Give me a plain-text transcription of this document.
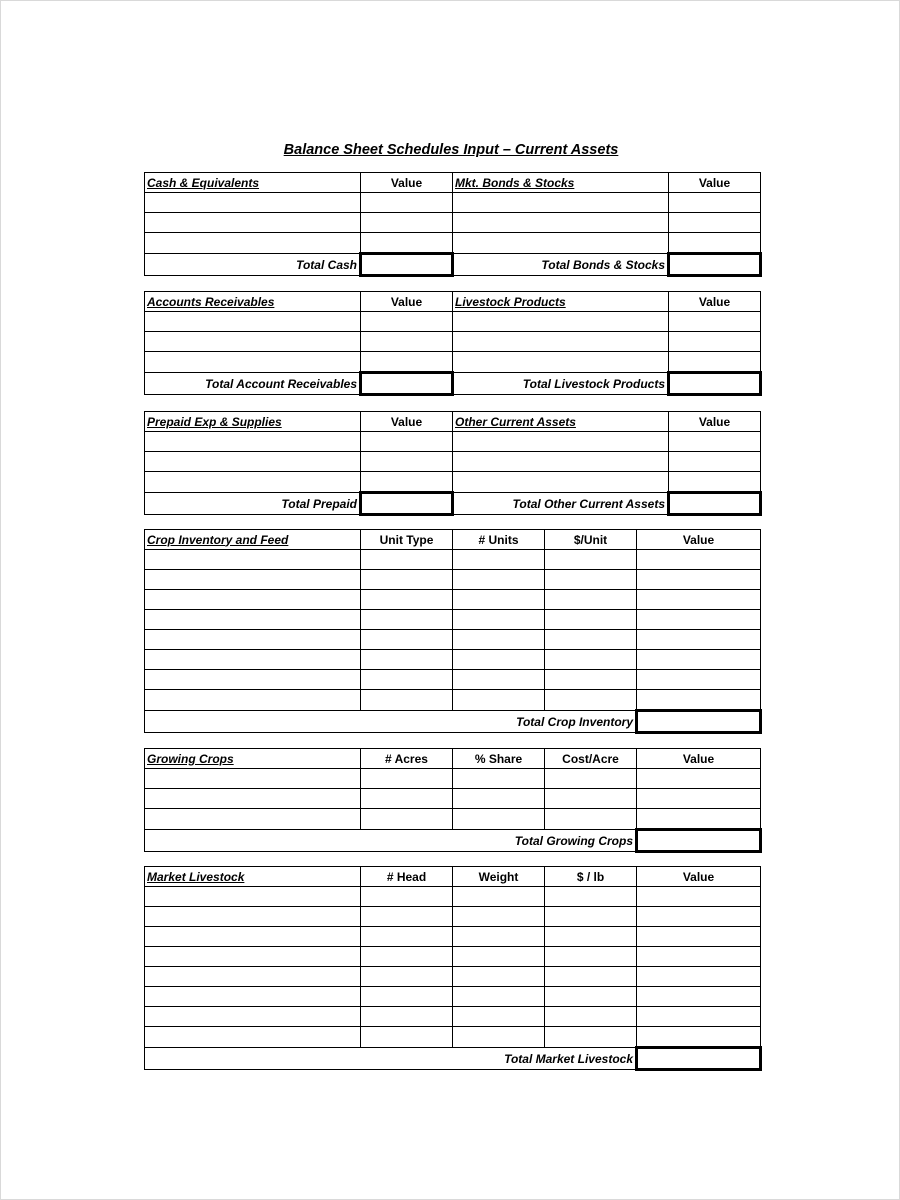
Balance Sheet Schedules Input – Current Assets
Cash & Equivalents	Value	Mkt. Bonds & Stocks	Value

Total Cash		Total Bonds & Stocks	
Accounts Receivables	Value	Livestock Products	Value

Total Account Receivables		Total Livestock Products	
Prepaid Exp & Supplies	Value	Other Current Assets	Value

Total Prepaid		Total Other Current Assets	
Crop Inventory and Feed	Unit Type	# Units	$/Unit	Value

Total Crop Inventory				
Growing Crops	# Acres	% Share	Cost/Acre	Value

Total Growing Crops				
Market Livestock	# Head	Weight	$ / lb	Value

Total Market Livestock				
